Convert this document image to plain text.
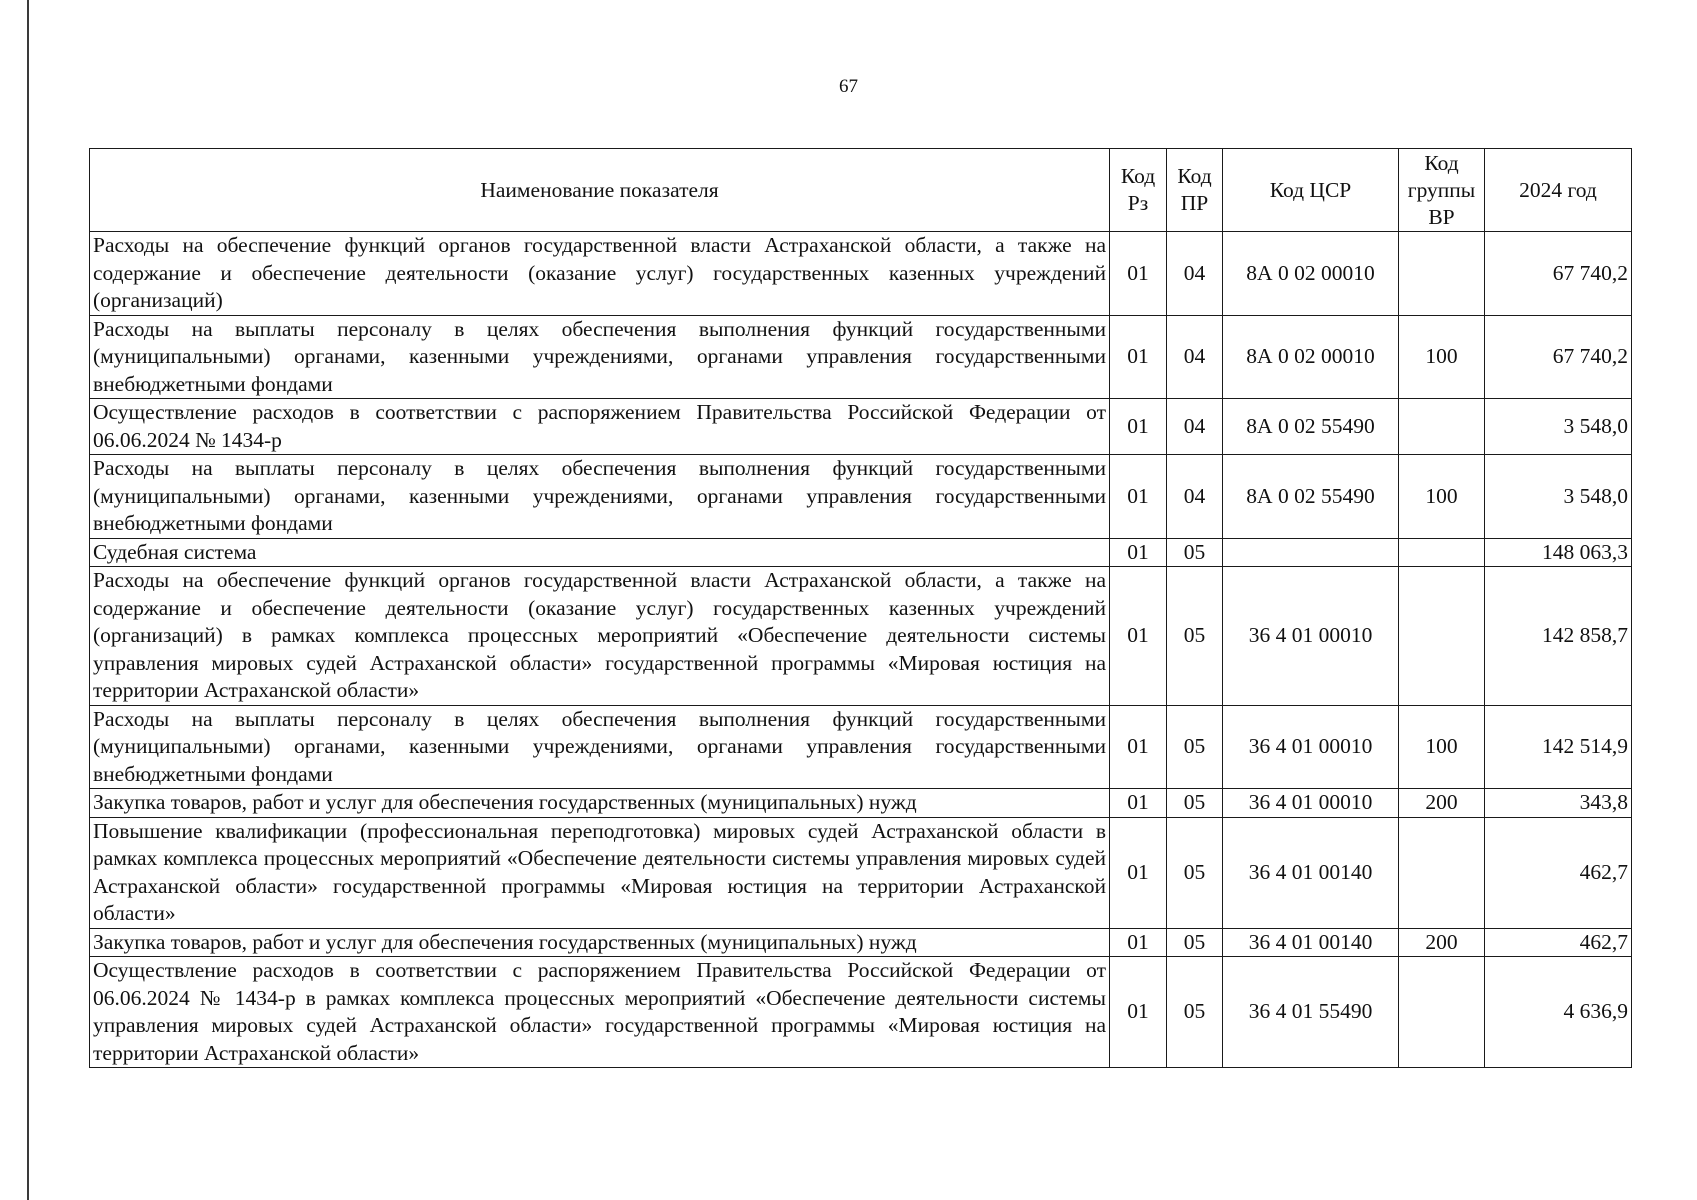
67
Наименование показателя	Код Рз	Код ПР	Код ЦСР	Код группы ВР	2024 год
Расходы на обеспечение функций органов государственной власти Астраханской области, а также на содержание и обеспечение деятельности (оказание услуг) государственных казенных учреждений (организаций)	01	04	8А 0 02 00010		67 740,2
Расходы на выплаты персоналу в целях обеспечения выполнения функций государственными (муниципальными) органами, казенными учреждениями, органами управления государственными внебюджетными фондами	01	04	8А 0 02 00010	100	67 740,2
Осуществление расходов в соответствии с распоряжением Правительства Российской Федерации от 06.06.2024 № 1434-р	01	04	8А 0 02 55490		3 548,0
Расходы на выплаты персоналу в целях обеспечения выполнения функций государственными (муниципальными) органами, казенными учреждениями, органами управления государственными внебюджетными фондами	01	04	8А 0 02 55490	100	3 548,0
Судебная система	01	05			148 063,3
Расходы на обеспечение функций органов государственной власти Астраханской области, а также на содержание и обеспечение деятельности (оказание услуг) государственных казенных учреждений (организаций) в рамках комплекса процессных мероприятий «Обеспечение деятельности системы управления мировых судей Астраханской области» государственной программы «Мировая юстиция на территории Астраханской области»	01	05	36 4 01 00010		142 858,7
Расходы на выплаты персоналу в целях обеспечения выполнения функций государственными (муниципальными) органами, казенными учреждениями, органами управления государственными внебюджетными фондами	01	05	36 4 01 00010	100	142 514,9
Закупка товаров, работ и услуг для обеспечения государственных (муниципальных) нужд	01	05	36 4 01 00010	200	343,8
Повышение квалификации (профессиональная переподготовка) мировых судей Астраханской области в рамках комплекса процессных мероприятий «Обеспечение деятельности системы управления мировых судей Астраханской области» государственной программы «Мировая юстиция на территории Астраханской области»	01	05	36 4 01 00140		462,7
Закупка товаров, работ и услуг для обеспечения государственных (муниципальных) нужд	01	05	36 4 01 00140	200	462,7
Осуществление расходов в соответствии с распоряжением Правительства Российской Федерации от 06.06.2024 № 1434-р в рамках комплекса процессных мероприятий «Обеспечение деятельности системы управления мировых судей Астраханской области» государственной программы «Мировая юстиция на территории Астраханской области»	01	05	36 4 01 55490		4 636,9
